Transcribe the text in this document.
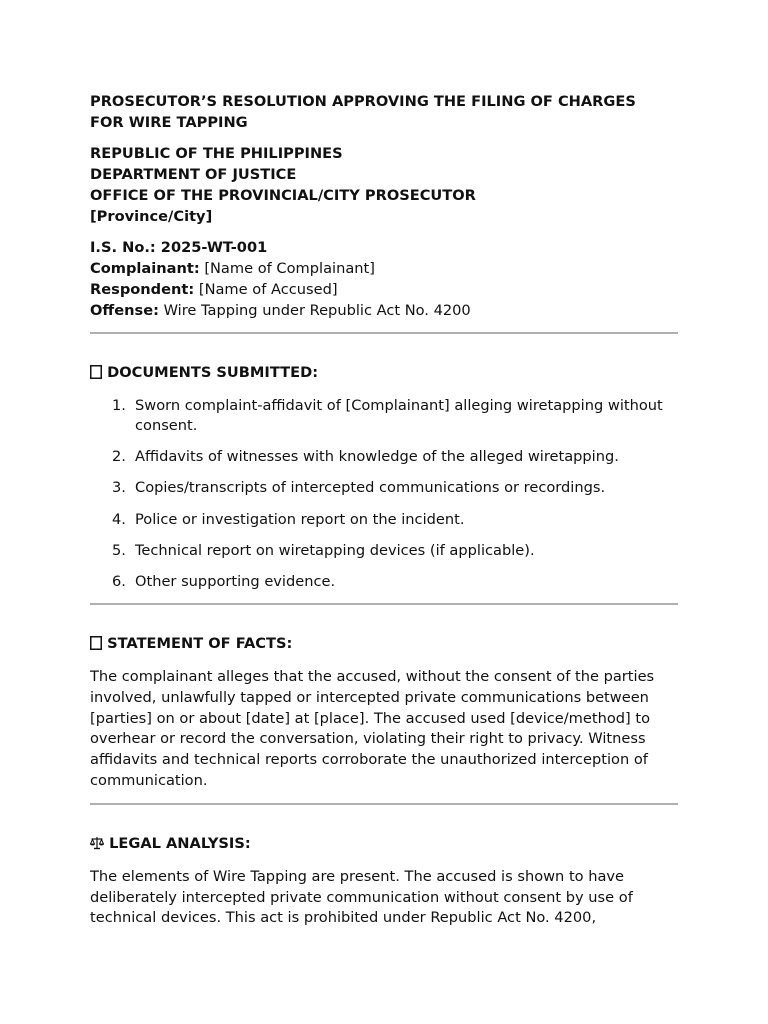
PROSECUTOR’S RESOLUTION APPROVING THE FILING OF CHARGES
FOR WIRE TAPPING
REPUBLIC OF THE PHILIPPINES
DEPARTMENT OF JUSTICE
OFFICE OF THE PROVINCIAL/CITY PROSECUTOR
[Province/City]
I.S. No.: 2025-WT-001
Complainant: [Name of Complainant]
Respondent: [Name of Accused]
Offense: Wire Tapping under Republic Act No. 4200
DOCUMENTS SUBMITTED:
1. Sworn complaint-affidavit of [Complainant] alleging wiretapping without consent.
2. Affidavits of witnesses with knowledge of the alleged wiretapping.
3. Copies/transcripts of intercepted communications or recordings.
4. Police or investigation report on the incident.
5. Technical report on wiretapping devices (if applicable).
6. Other supporting evidence.
STATEMENT OF FACTS:
The complainant alleges that the accused, without the consent of the parties involved, unlawfully tapped or intercepted private communications between [parties] on or about [date] at [place]. The accused used [device/method] to overhear or record the conversation, violating their right to privacy. Witness affidavits and technical reports corroborate the unauthorized interception of communication.
LEGAL ANALYSIS:
The elements of Wire Tapping are present. The accused is shown to have deliberately intercepted private communication without consent by use of technical devices. This act is prohibited under Republic Act No. 4200,
